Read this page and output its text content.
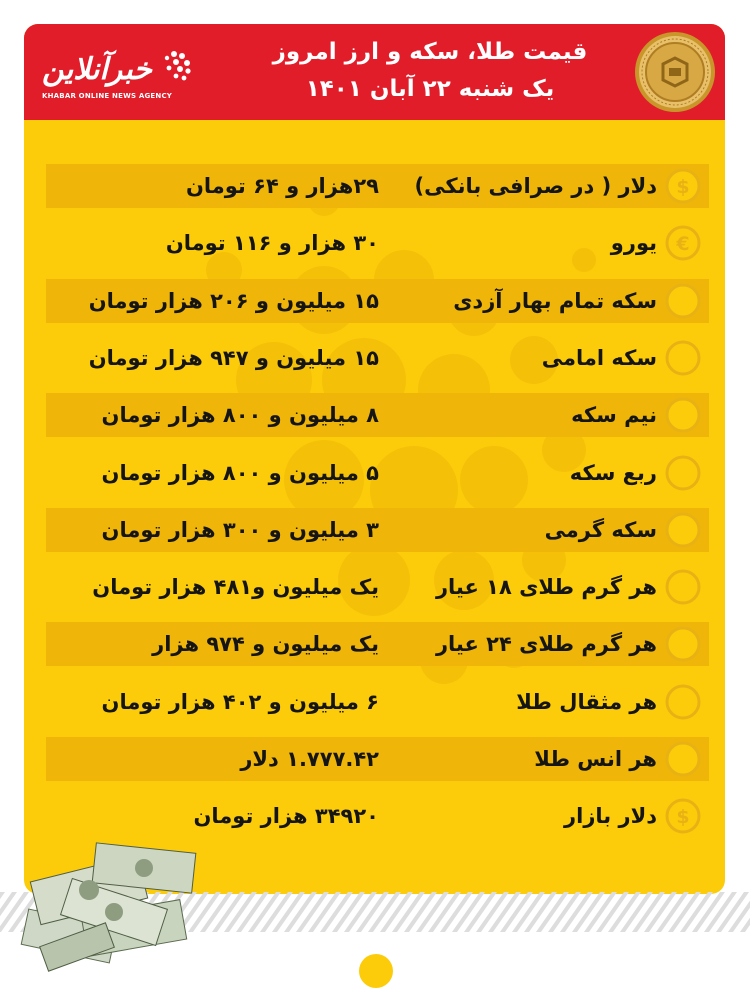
خبرآنلاین
KHABAR ONLINE NEWS AGENCY
قیمت طلا، سکه و ارز امروز
یک شنبه ۲۲ آبان ۱۴۰۱
$
دلار ( در صرافی بانکی)
۲۹هزار و ۶۴ تومان
€
یورو
۳۰ هزار و ۱۱۶ تومان
سکه تمام بهار آزدی
۱۵ میلیون و ۲۰۶ هزار تومان
سکه امامی
۱۵ میلیون و ۹۴۷ هزار تومان
نیم سکه
۸ میلیون و ۸۰۰ هزار تومان
ربع سکه
۵ میلیون و ۸۰۰ هزار تومان
سکه گرمی
۳ میلیون و ۳۰۰ هزار تومان
هر گرم طلای ۱۸ عیار
یک میلیون و۴۸۱ هزار تومان
هر گرم طلای ۲۴ عیار
یک میلیون و ۹۷۴ هزار
هر مثقال طلا
۶ میلیون و ۴۰۲ هزار تومان
هر انس طلا
۱.۷۷۷.۴۲ دلار
$
دلار بازار
۳۴۹۲۰ هزار تومان
